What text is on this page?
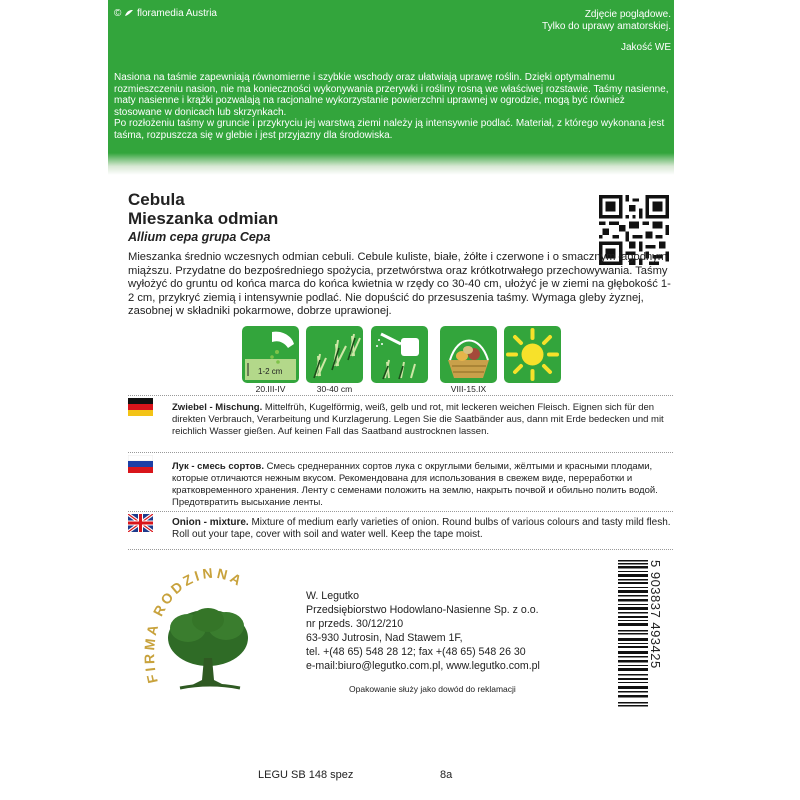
© floramedia Austria	Zdjęcie poglądowe.
Tylko do uprawy amatorskiej.
Jakość WE
Nasiona na taśmie zapewniają równomierne i szybkie wschody oraz ułatwiają uprawę roślin. Dzięki optymalnemu rozmieszczeniu nasion, nie ma konieczności wykonywania przerywki i rośliny rosną we właściwej rozstawie. Taśmy nasienne, maty nasienne i krążki pozwalają na racjonalne wykorzystanie powierzchni uprawnej w ogrodzie, mogą być również stosowane w donicach lub skrzynkach.
Po rozłożeniu taśmy w gruncie i przykryciu jej warstwą ziemi należy ją intensywnie podlać. Materiał, z którego wykonana jest taśma, rozpuszcza się w glebie i jest przyjazny dla środowiska.
Cebula
Mieszanka odmian
Allium cepa grupa Cepa
Mieszanka średnio wczesnych odmian cebuli. Cebule kuliste, białe, żółte i czerwone i o smacznym łagodnym miąższu. Przydatne do bezpośredniego spożycia, przetwórstwa oraz krótkotrwałego przechowywania. Taśmy wyłożyć do gruntu od końca marca do końca kwietnia w rzędy co 30-40 cm, ułożyć je w ziemi na głębokość 1-2 cm, przykryć ziemią i intensywnie podlać. Nie dopuścić do przesuszenia taśmy. Wymaga gleby żyznej, zasobnej w składniki pokarmowe, dobrze uprawionej.
1-2 cm
20.III-IV	30-40 cm	VIII-15.IX
Zwiebel - Mischung. Mittelfrüh, Kugelförmig, weiß, gelb und rot, mit leckeren weichen Fleisch. Eignen sich für den direkten Verbrauch, Verarbeitung und Kurzlagerung. Legen Sie die Saatbänder aus, dann mit Erde bedecken und mit reichlich Wasser gießen. Auf keinen Fall das Saatband austrocknen lassen.
Лук - смесь сортов. Смесь среднеранних сортов лука с округлыми белыми, жёлтыми и красными плодами, которые отличаются нежным вкусом. Рекомендована для использования в свежем виде, переработки и кратковременного хранения. Ленту с семенами положить на землю, накрыть почвой и обильно полить водой. Предотвратить высыхание ленты.
Onion - mixture. Mixture of medium early varieties of onion. Round bulbs of various colours and tasty mild flesh. Roll out your tape, cover with soil and water well. Keep the tape moist.
FIRMA RODZINNA
W. Legutko
Przedsiębiorstwo Hodowlano-Nasienne Sp. z o.o.
nr przeds. 30/12/210
63-930 Jutrosin, Nad Stawem 1F,
tel. +(48 65) 548 28 12; fax +(48 65) 548 26 30
e-mail:biuro@legutko.com.pl, www.legutko.com.pl
Opakowanie służy jako dowód do reklamacji
5 903837 493425
LEGU SB 148 spez	8a
